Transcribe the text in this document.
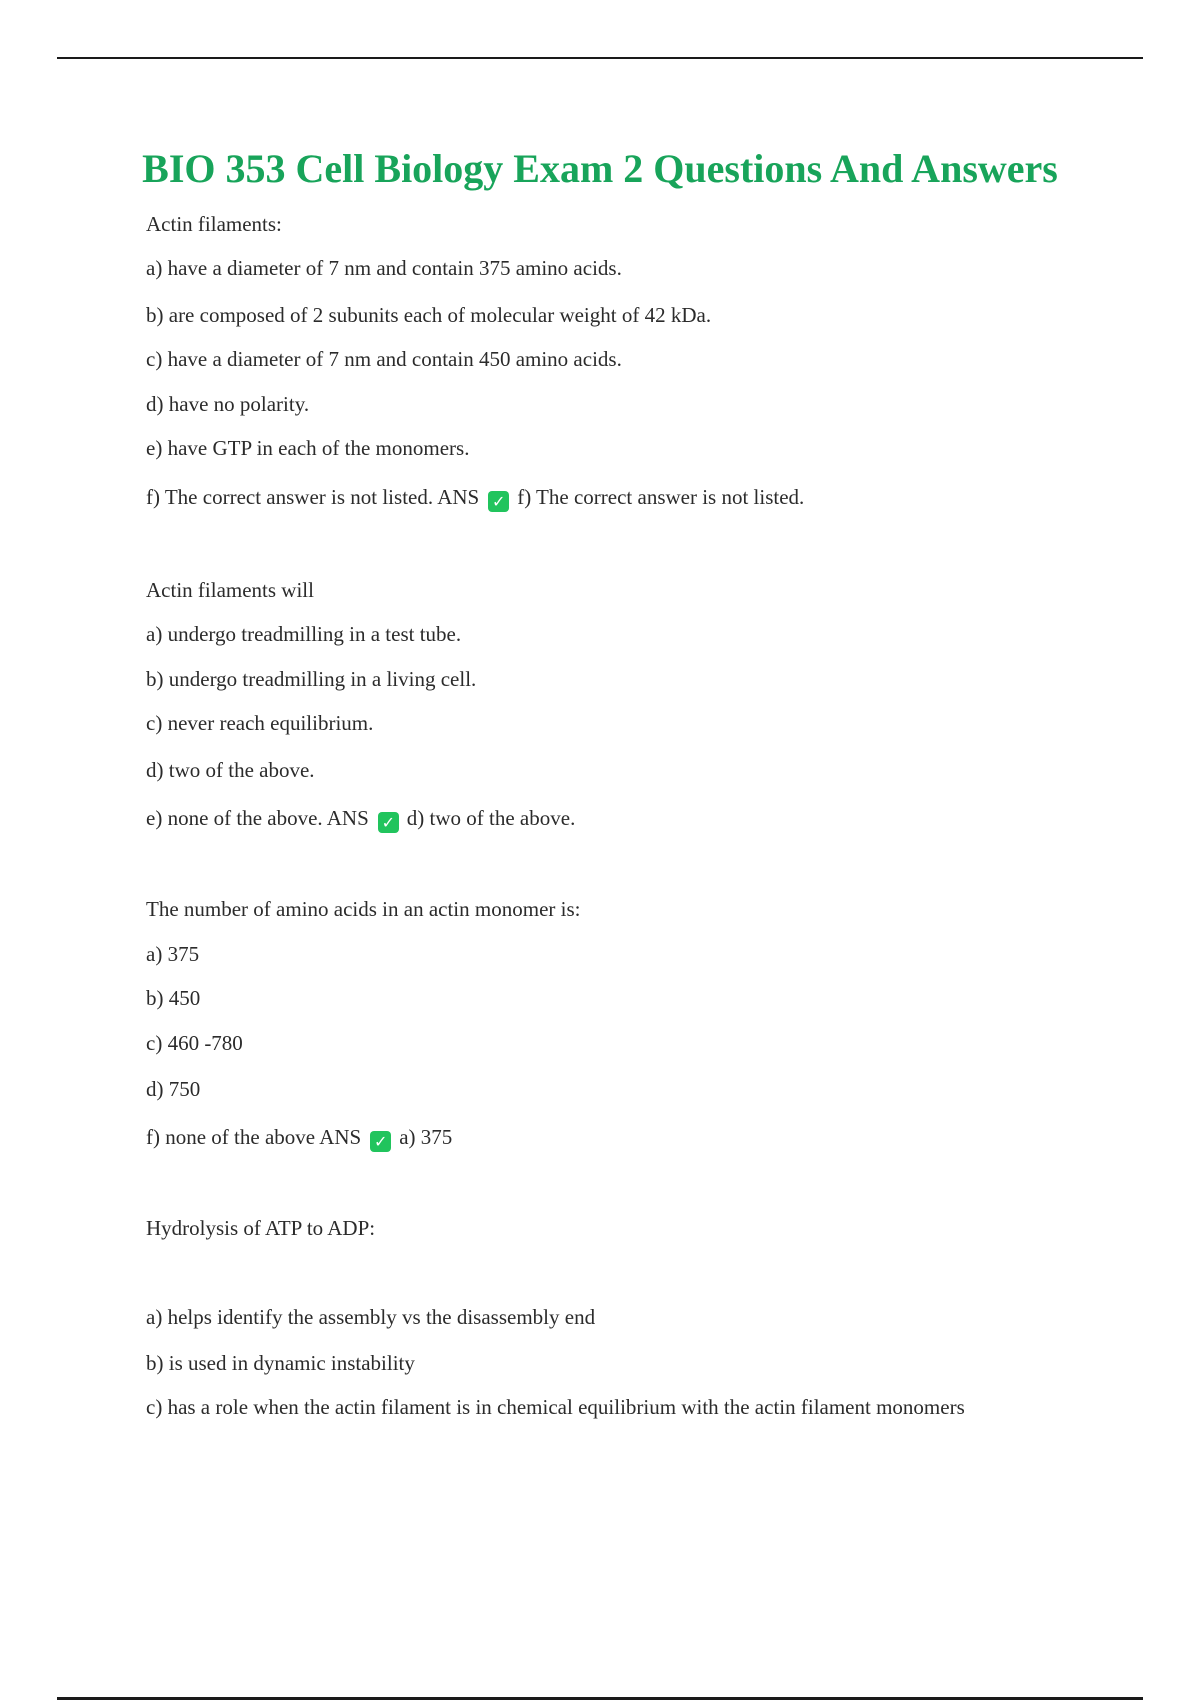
BIO 353 Cell Biology Exam 2 Questions And Answers
Actin filaments:
a) have a diameter of 7 nm and contain 375 amino acids.
b) are composed of 2 subunits each of molecular weight of 42 kDa.
c) have a diameter of 7 nm and contain 450 amino acids.
d) have no polarity.
e) have GTP in each of the monomers.
f) The correct answer is not listed. ANS ✓ f) The correct answer is not listed.
Actin filaments will
a) undergo treadmilling in a test tube.
b) undergo treadmilling in a living cell.
c) never reach equilibrium.
d) two of the above.
e) none of the above. ANS ✓ d) two of the above.
The number of amino acids in an actin monomer is:
a) 375
b) 450
c) 460 -780
d) 750
f) none of the above ANS ✓ a) 375
Hydrolysis of ATP to ADP:
a) helps identify the assembly vs the disassembly end
b) is used in dynamic instability
c) has a role when the actin filament is in chemical equilibrium with the actin filament monomers
